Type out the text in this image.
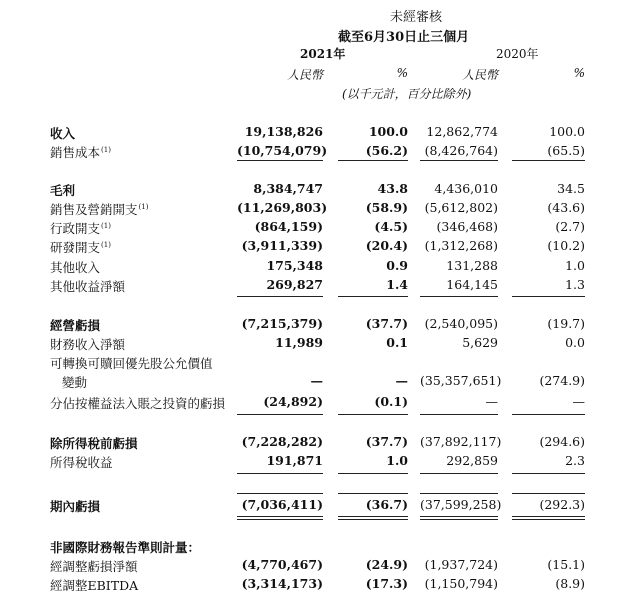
未經審核
截至6月30日止三個月
2021年	2020年
人民幣	%	人民幣	%
(以千元計，百分比除外)
收入	19,138,826	100.0	12,862,774	100.0
銷售成本$^{(1)}$	(10,754,079)	(56.2)	(8,426,764)	(65.5)
毛利	8,384,747	43.8	4,436,010	34.5
銷售及營銷開支$^{(1)}$	(11,269,803)	(58.9)	(5,612,802)	(43.6)
行政開支$^{(1)}$	(864,159)	(4.5)	(346,468)	(2.7)
研發開支$^{(1)}$	(3,911,339)	(20.4)	(1,312,268)	(10.2)
其他收入	175,348	0.9	131,288	1.0
其他收益淨額	269,827	1.4	164,145	1.3
經營虧損	(7,215,379)	(37.7)	(2,540,095)	(19.7)
財務收入淨額	11,989	0.1	5,629	0.0
可轉換可贖回優先股公允價值
變動	—	— (35,357,651)	(274.9)
分佔按權益法入賬之投資的虧損	(24,892)	(0.1)	—	—
除所得稅前虧損	(7,228,282)	(37.7) (37,892,117)	(294.6)
所得稅收益	191,871	1.0	292,859	2.3
期內虧損	(7,036,411)	(36.7) (37,599,258)	(292.3)
非國際財務報告準則計量：
經調整虧損淨額	(4,770,467)	(24.9)	(1,937,724)	(15.1)
經調整EBITDA	(3,314,173)	(17.3)	(1,150,794)	(8.9)
